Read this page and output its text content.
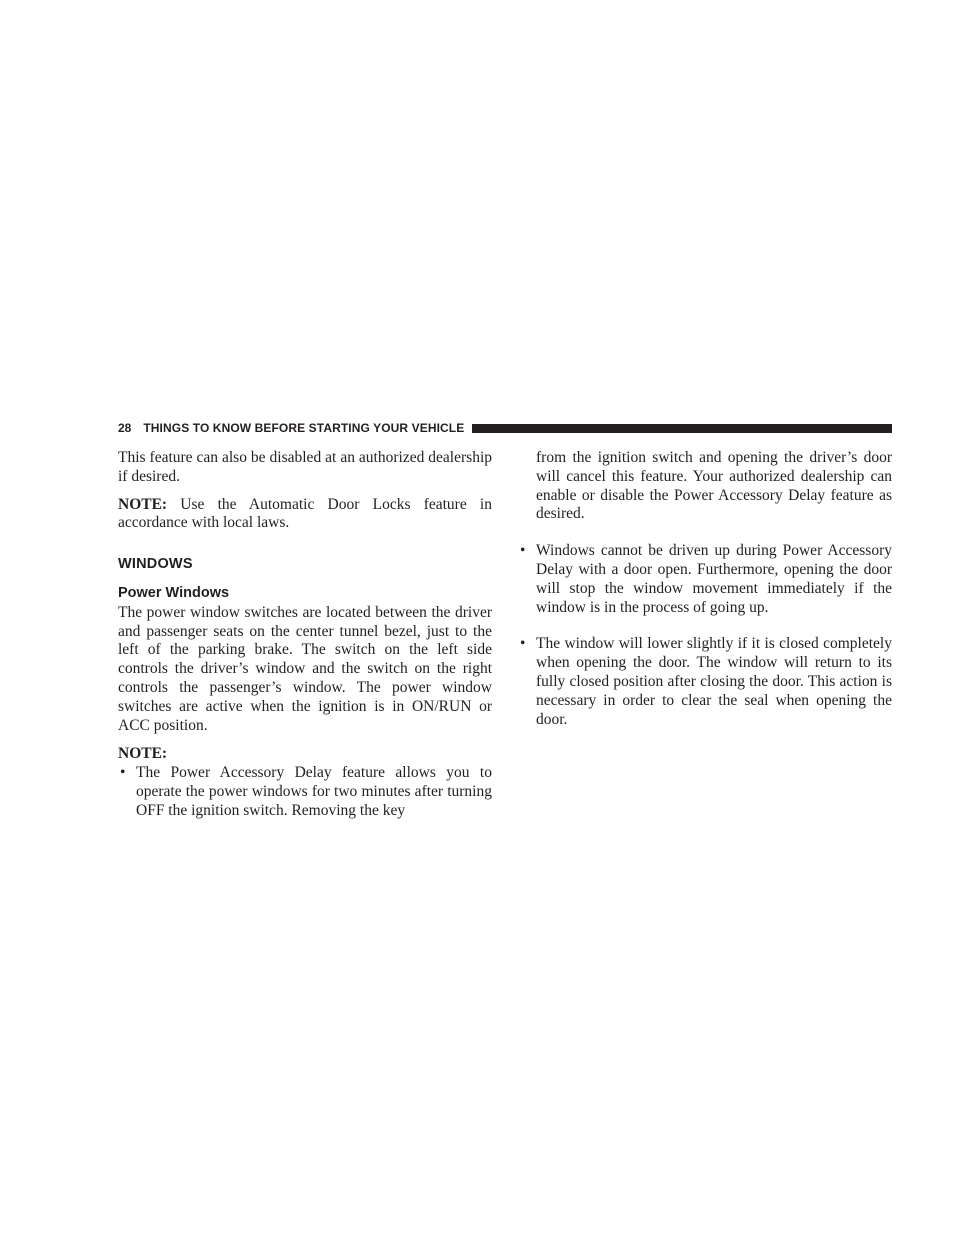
28 THINGS TO KNOW BEFORE STARTING YOUR VEHICLE

This feature can also be disabled at an authorized dealership if desired.

NOTE: Use the Automatic Door Locks feature in accordance with local laws.

WINDOWS
Power Windows

The power window switches are located between the driver and passenger seats on the center tunnel bezel, just to the left of the parking brake. The switch on the left side controls the driver’s window and the switch on the right controls the passenger’s window. The power window switches are active when the ignition is in ON/RUN or ACC position.

NOTE:
• The Power Accessory Delay feature allows you to operate the power windows for two minutes after turning OFF the ignition switch. Removing the key
from the ignition switch and opening the driver’s door will cancel this feature. Your authorized dealership can enable or disable the Power Accessory Delay feature as desired.
• Windows cannot be driven up during Power Accessory Delay with a door open. Furthermore, opening the door will stop the window movement immediately if the window is in the process of going up.
• The window will lower slightly if it is closed completely when opening the door. The window will return to its fully closed position after closing the door. This action is necessary in order to clear the seal when opening the door.
